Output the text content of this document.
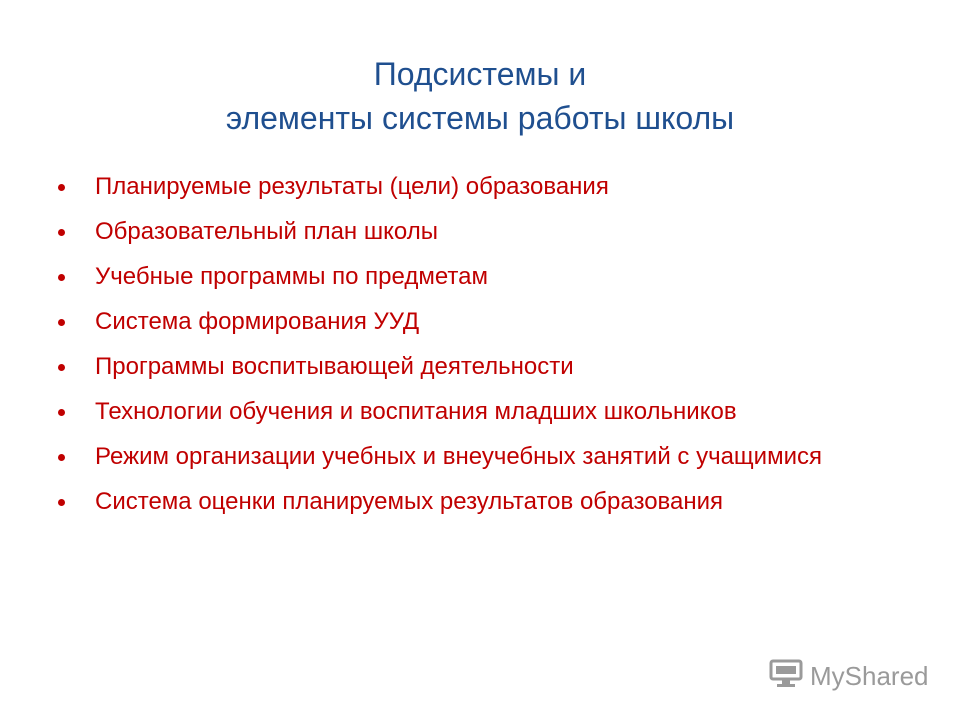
Подсистемы и
элементы системы работы школы
Планируемые результаты (цели) образования
Образовательный план школы
Учебные программы по предметам
Система формирования УУД
Программы воспитывающей деятельности
Технологии обучения и воспитания младших школьников
Режим организации учебных и внеучебных занятий с учащимися
Система оценки планируемых результатов образования
MyShared
